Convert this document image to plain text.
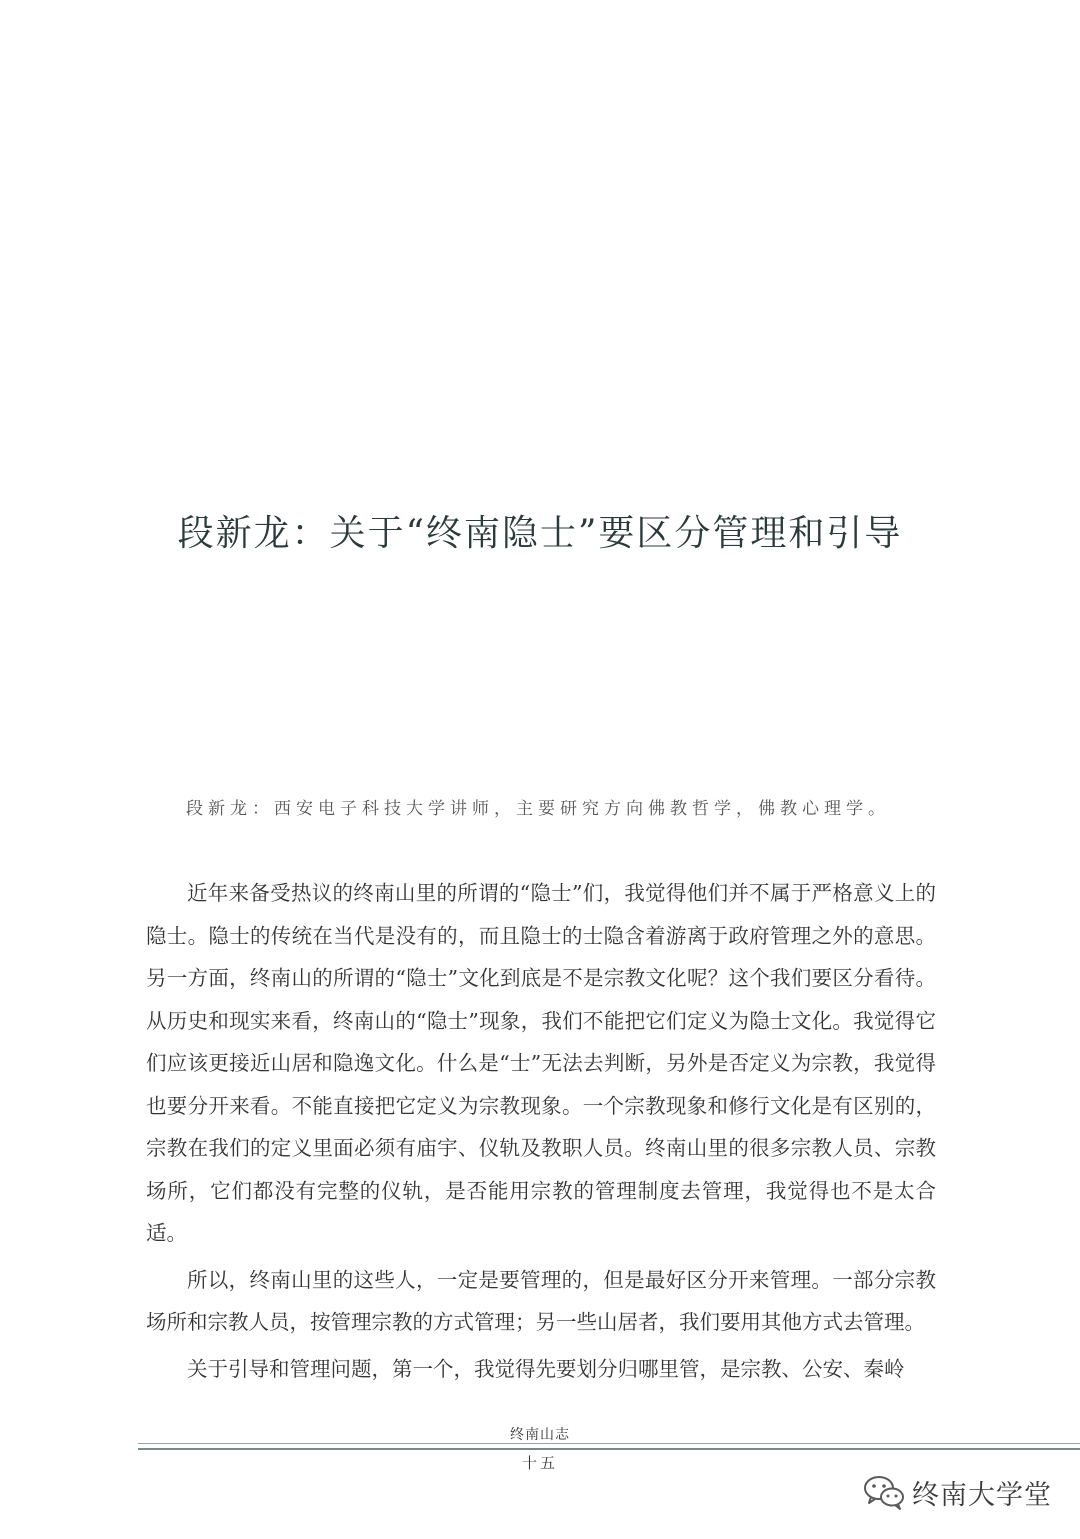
段新龙：关于“终南隐士”要区分管理和引导

段新龙：西安电子科技大学讲师，主要研究方向佛教哲学，佛教心理学。

近年来备受热议的终南山里的所谓的“隐士”们，我觉得他们并不属于严格意义上的隐士。隐士的传统在当代是没有的，而且隐士的士隐含着游离于政府管理之外的意思。另一方面，终南山的所谓的“隐士”文化到底是不是宗教文化呢？这个我们要区分看待。从历史和现实来看，终南山的“隐士”现象，我们不能把它们定义为隐士文化。我觉得它们应该更接近山居和隐逸文化。什么是“士”无法去判断，另外是否定义为宗教，我觉得也要分开来看。不能直接把它定义为宗教现象。一个宗教现象和修行文化是有区别的，宗教在我们的定义里面必须有庙宇、仪轨及教职人员。终南山里的很多宗教人员、宗教场所，它们都没有完整的仪轨，是否能用宗教的管理制度去管理，我觉得也不是太合适。

所以，终南山里的这些人，一定是要管理的，但是最好区分开来管理。一部分宗教场所和宗教人员，按管理宗教的方式管理；另一些山居者，我们要用其他方式去管理。

关于引导和管理问题，第一个，我觉得先要划分归哪里管，是宗教、公安、秦岭

终南山志
十五
终南大学堂
